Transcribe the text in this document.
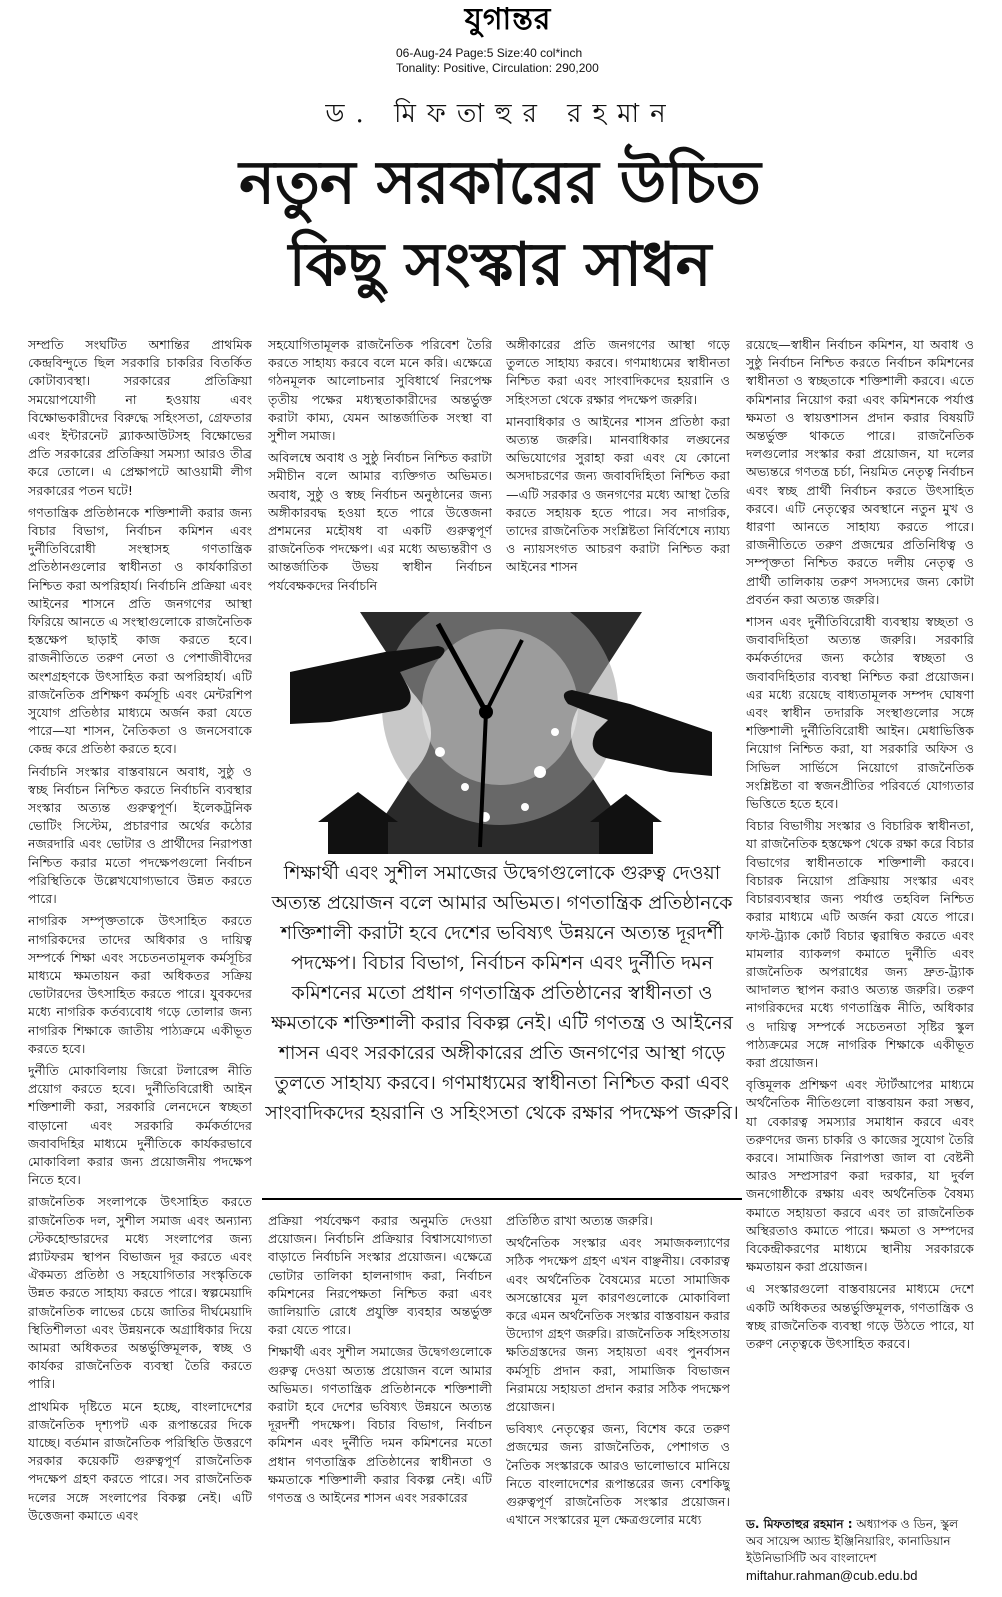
যুগান্তর
06-Aug-24 Page:5 Size:40 col*inch
Tonality: Positive, Circulation: 290,200
ড. মিফতাহুর রহমান
নতুন সরকারের উচিত
কিছু সংস্কার সাধন

সম্প্রতি সংঘটিত অশান্তির প্রাথমিক কেন্দ্রবিন্দুতে ছিল সরকারি চাকরির বিতর্কিত কোটাব্যবস্থা। সরকারের প্রতিক্রিয়া সময়োপযোগী না হওয়ায় এবং বিক্ষোভকারীদের বিরুদ্ধে সহিংসতা, গ্রেফতার এবং ইন্টারনেট ব্ল্যাকআউটসহ বিক্ষোভের প্রতি সরকারের প্রতিক্রিয়া সমস্যা আরও তীব্র করে তোলে। এ প্রেক্ষাপটে আওয়ামী লীগ সরকারের পতন ঘটে!

গণতান্ত্রিক প্রতিষ্ঠানকে শক্তিশালী করার জন্য বিচার বিভাগ, নির্বাচন কমিশন এবং দুর্নীতিবিরোধী সংস্থাসহ গণতান্ত্রিক প্রতিষ্ঠানগুলোর স্বাধীনতা ও কার্যকারিতা নিশ্চিত করা অপরিহার্য। নির্বাচনি প্রক্রিয়া এবং আইনের শাসনে প্রতি জনগণের আস্থা ফিরিয়ে আনতে এ সংস্থাগুলোকে রাজনৈতিক হস্তক্ষেপ ছাড়াই কাজ করতে হবে। রাজনীতিতে তরুণ নেতা ও পেশাজীবীদের অংশগ্রহণকে উৎসাহিত করা অপরিহার্য। এটি রাজনৈতিক প্রশিক্ষণ কর্মসূচি এবং মেন্টরশিপ সুযোগ প্রতিষ্ঠার মাধ্যমে অর্জন করা যেতে পারে—যা শাসন, নৈতিকতা ও জনসেবাকে কেন্দ্র করে প্রতিষ্ঠা করতে হবে।

নির্বাচনি সংস্কার বাস্তবায়নে অবাধ, সুষ্ঠু ও স্বচ্ছ নির্বাচন নিশ্চিত করতে নির্বাচনি ব্যবস্থার সংস্কার অত্যন্ত গুরুত্বপূর্ণ। ইলেকট্রনিক ভোটিং সিস্টেম, প্রচারণার অর্থের কঠোর নজরদারি এবং ভোটার ও প্রার্থীদের নিরাপত্তা নিশ্চিত করার মতো পদক্ষেপগুলো নির্বাচন পরিস্থিতিকে উল্লেখযোগ্যভাবে উন্নত করতে পারে।

নাগরিক সম্পৃক্ততাকে উৎসাহিত করতে নাগরিকদের তাদের অধিকার ও দায়িত্ব সম্পর্কে শিক্ষা এবং সচেতনতামূলক কর্মসূচির মাধ্যমে ক্ষমতায়ন করা অধিকতর সক্রিয় ভোটারদের উৎসাহিত করতে পারে। যুবকদের মধ্যে নাগরিক কর্তব্যবোধ গড়ে তোলার জন্য নাগরিক শিক্ষাকে জাতীয় পাঠ্যক্রমে একীভূত করতে হবে।

দুর্নীতি মোকাবিলায় জিরো টলারেন্স নীতি প্রয়োগ করতে হবে। দুর্নীতিবিরোধী আইন শক্তিশালী করা, সরকারি লেনদেনে স্বচ্ছতা বাড়ানো এবং সরকারি কর্মকর্তাদের জবাবদিহির মাধ্যমে দুর্নীতিকে কার্যকরভাবে মোকাবিলা করার জন্য প্রয়োজনীয় পদক্ষেপ নিতে হবে।

রাজনৈতিক সংলাপকে উৎসাহিত করতে রাজনৈতিক দল, সুশীল সমাজ এবং অন্যান্য স্টেকহোল্ডারদের মধ্যে সংলাপের জন্য প্ল্যাটফরম স্থাপন বিভাজন দূর করতে এবং ঐকমত্য প্রতিষ্ঠা ও সহযোগিতার সংস্কৃতিকে উন্নত করতে সাহায্য করতে পারে। স্বল্পমেয়াদি রাজনৈতিক লাভের চেয়ে জাতির দীর্ঘমেয়াদি স্থিতিশীলতা এবং উন্নয়নকে অগ্রাধিকার দিয়ে আমরা অধিকতর অন্তর্ভুক্তিমূলক, স্বচ্ছ ও কার্যকর রাজনৈতিক ব্যবস্থা তৈরি করতে পারি।

প্রাথমিক দৃষ্টিতে মনে হচ্ছে, বাংলাদেশের রাজনৈতিক দৃশ্যপট এক রূপান্তরের দিকে যাচ্ছে। বর্তমান রাজনৈতিক পরিস্থিতি উত্তরণে সরকার কয়েকটি গুরুত্বপূর্ণ রাজনৈতিক পদক্ষেপ গ্রহণ করতে পারে। সব রাজনৈতিক দলের সঙ্গে সংলাপের বিকল্প নেই। এটি উত্তেজনা কমাতে এবং

সহযোগিতামূলক রাজনৈতিক পরিবেশ তৈরি করতে সাহায্য করবে বলে মনে করি। এক্ষেত্রে গঠনমূলক আলোচনার সুবিধার্থে নিরপেক্ষ তৃতীয় পক্ষের মধ্যস্থতাকারীদের অন্তর্ভুক্ত করাটা কাম্য, যেমন আন্তর্জাতিক সংস্থা বা সুশীল সমাজ।

অবিলম্বে অবাধ ও সুষ্ঠু নির্বাচন নিশ্চিত করাটা সমীচীন বলে আমার ব্যক্তিগত অভিমত। অবাধ, সুষ্ঠু ও স্বচ্ছ নির্বাচন অনুষ্ঠানের জন্য অঙ্গীকারবদ্ধ হওয়া হতে পারে উত্তেজনা প্রশমনের মহৌষধ বা একটি গুরুত্বপূর্ণ রাজনৈতিক পদক্ষেপ। এর মধ্যে অভ্যন্তরীণ ও আন্তর্জাতিক উভয় স্বাধীন নির্বাচন পর্যবেক্ষকদের নির্বাচনি

অঙ্গীকারের প্রতি জনগণের আস্থা গড়ে তুলতে সাহায্য করবে। গণমাধ্যমের স্বাধীনতা নিশ্চিত করা এবং সাংবাদিকদের হয়রানি ও সহিংসতা থেকে রক্ষার পদক্ষেপ জরুরি।

মানবাধিকার ও আইনের শাসন প্রতিষ্ঠা করা অত্যন্ত জরুরি। মানবাধিকার লঙ্ঘনের অভিযোগের সুরাহা করা এবং যে কোনো অসদাচরণের জন্য জবাবদিহিতা নিশ্চিত করা—এটি সরকার ও জনগণের মধ্যে আস্থা তৈরি করতে সহায়ক হতে পারে। সব নাগরিক, তাদের রাজনৈতিক সংশ্লিষ্টতা নির্বিশেষে ন্যায্য ও ন্যায়সংগত আচরণ করাটা নিশ্চিত করা আইনের শাসন

রয়েছে—স্বাধীন নির্বাচন কমিশন, যা অবাধ ও সুষ্ঠু নির্বাচন নিশ্চিত করতে নির্বাচন কমিশনের স্বাধীনতা ও স্বচ্ছতাকে শক্তিশালী করবে। এতে কমিশনার নিয়োগ করা এবং কমিশনকে পর্যাপ্ত ক্ষমতা ও স্বায়ত্তশাসন প্রদান করার বিষয়টি অন্তর্ভুক্ত থাকতে পারে। রাজনৈতিক দলগুলোর সংস্কার করা প্রয়োজন, যা দলের অভ্যন্তরে গণতন্ত্র চর্চা, নিয়মিত নেতৃত্ব নির্বাচন এবং স্বচ্ছ প্রার্থী নির্বাচন করতে উৎসাহিত করবে। এটি নেতৃত্বের অবস্থানে নতুন মুখ ও ধারণা আনতে সাহায্য করতে পারে। রাজনীতিতে তরুণ প্রজন্মের প্রতিনিধিত্ব ও সম্পৃক্ততা নিশ্চিত করতে দলীয় নেতৃত্ব ও প্রার্থী তালিকায় তরুণ সদস্যদের জন্য কোটা প্রবর্তন করা অত্যন্ত জরুরি।

শাসন এবং দুর্নীতিবিরোধী ব্যবস্থায় স্বচ্ছতা ও জবাবদিহিতা অত্যন্ত জরুরি। সরকারি কর্মকর্তাদের জন্য কঠোর স্বচ্ছতা ও জবাবদিহিতার ব্যবস্থা নিশ্চিত করা প্রয়োজন। এর মধ্যে রয়েছে বাধ্যতামূলক সম্পদ ঘোষণা এবং স্বাধীন তদারকি সংস্থাগুলোর সঙ্গে শক্তিশালী দুর্নীতিবিরোধী আইন। মেধাভিত্তিক নিয়োগ নিশ্চিত করা, যা সরকারি অফিস ও সিভিল সার্ভিসে নিয়োগে রাজনৈতিক সংশ্লিষ্টতা বা স্বজনপ্রীতির পরিবর্তে যোগ্যতার ভিত্তিতে হতে হবে।

বিচার বিভাগীয় সংস্কার ও বিচারিক স্বাধীনতা, যা রাজনৈতিক হস্তক্ষেপ থেকে রক্ষা করে বিচার বিভাগের স্বাধীনতাকে শক্তিশালী করবে। বিচারক নিয়োগ প্রক্রিয়ায় সংস্কার এবং বিচারব্যবস্থার জন্য পর্যাপ্ত তহবিল নিশ্চিত করার মাধ্যমে এটি অর্জন করা যেতে পারে। ফাস্ট-ট্র্যাক কোর্ট বিচার ত্বরান্বিত করতে এবং মামলার ব্যাকলগ কমাতে দুর্নীতি এবং রাজনৈতিক অপরাধের জন্য দ্রুত-ট্র্যাক আদালত স্থাপন করাও অত্যন্ত জরুরি। তরুণ নাগরিকদের মধ্যে গণতান্ত্রিক নীতি, অধিকার ও দায়িত্ব সম্পর্কে সচেতনতা সৃষ্টির স্কুল পাঠ্যক্রমের সঙ্গে নাগরিক শিক্ষাকে একীভূত করা প্রয়োজন।

বৃত্তিমূলক প্রশিক্ষণ এবং স্টার্টআপের মাধ্যমে অর্থনৈতিক নীতিগুলো বাস্তবায়ন করা সম্ভব, যা বেকারত্ব সমস্যার সমাধান করবে এবং তরুণদের জন্য চাকরি ও কাজের সুযোগ তৈরি করবে। সামাজিক নিরাপত্তা জাল বা বেষ্টনী আরও সম্প্রসারণ করা দরকার, যা দুর্বল জনগোষ্ঠীকে রক্ষায় এবং অর্থনৈতিক বৈষম্য কমাতে সহায়তা করবে এবং তা রাজনৈতিক অস্থিরতাও কমাতে পারে। ক্ষমতা ও সম্পদের বিকেন্দ্রীকরণের মাধ্যমে স্থানীয় সরকারকে ক্ষমতায়ন করা প্রয়োজন।

এ সংস্কারগুলো বাস্তবায়নের মাধ্যমে দেশে একটি অধিকতর অন্তর্ভুক্তিমূলক, গণতান্ত্রিক ও স্বচ্ছ রাজনৈতিক ব্যবস্থা গড়ে উঠতে পারে, যা তরুণ নেতৃত্বকে উৎসাহিত করবে।

শিক্ষার্থী এবং সুশীল সমাজের উদ্বেগগুলোকে গুরুত্ব দেওয়া অত্যন্ত প্রয়োজন বলে আমার অভিমত। গণতান্ত্রিক প্রতিষ্ঠানকে শক্তিশালী করাটা হবে দেশের ভবিষ্যৎ উন্নয়নে অত্যন্ত দূরদর্শী পদক্ষেপ। বিচার বিভাগ, নির্বাচন কমিশন এবং দুর্নীতি দমন কমিশনের মতো প্রধান গণতান্ত্রিক প্রতিষ্ঠানের স্বাধীনতা ও ক্ষমতাকে শক্তিশালী করার বিকল্প নেই। এটি গণতন্ত্র ও আইনের শাসন এবং সরকারের অঙ্গীকারের প্রতি জনগণের আস্থা গড়ে তুলতে সাহায্য করবে। গণমাধ্যমের স্বাধীনতা নিশ্চিত করা এবং সাংবাদিকদের হয়রানি ও সহিংসতা থেকে রক্ষার পদক্ষেপ জরুরি।

প্রক্রিয়া পর্যবেক্ষণ করার অনুমতি দেওয়া প্রয়োজন। নির্বাচনি প্রক্রিয়ার বিশ্বাসযোগ্যতা বাড়াতে নির্বাচনি সংস্কার প্রয়োজন। এক্ষেত্রে ভোটার তালিকা হালনাগাদ করা, নির্বাচন কমিশনের নিরপেক্ষতা নিশ্চিত করা এবং জালিয়াতি রোধে প্রযুক্তি ব্যবহার অন্তর্ভুক্ত করা যেতে পারে।

শিক্ষার্থী এবং সুশীল সমাজের উদ্বেগগুলোকে গুরুত্ব দেওয়া অত্যন্ত প্রয়োজন বলে আমার অভিমত। গণতান্ত্রিক প্রতিষ্ঠানকে শক্তিশালী করাটা হবে দেশের ভবিষ্যৎ উন্নয়নে অত্যন্ত দূরদর্শী পদক্ষেপ। বিচার বিভাগ, নির্বাচন কমিশন এবং দুর্নীতি দমন কমিশনের মতো প্রধান গণতান্ত্রিক প্রতিষ্ঠানের স্বাধীনতা ও ক্ষমতাকে শক্তিশালী করার বিকল্প নেই। এটি গণতন্ত্র ও আইনের শাসন এবং সরকারের

প্রতিষ্ঠিত রাখা অত্যন্ত জরুরি।

অর্থনৈতিক সংস্কার এবং সমাজকল্যাণের সঠিক পদক্ষেপ গ্রহণ এখন বাঞ্ছনীয়। বেকারত্ব এবং অর্থনৈতিক বৈষম্যের মতো সামাজিক অসন্তোষের মূল কারণগুলোকে মোকাবিলা করে এমন অর্থনৈতিক সংস্কার বাস্তবায়ন করার উদ্যোগ গ্রহণ জরুরি। রাজনৈতিক সহিংসতায় ক্ষতিগ্রস্তদের জন্য সহায়তা এবং পুনর্বাসন কর্মসূচি প্রদান করা, সামাজিক বিভাজন নিরাময়ে সহায়তা প্রদান করার সঠিক পদক্ষেপ প্রয়োজন।

ভবিষ্যৎ নেতৃত্বের জন্য, বিশেষ করে তরুণ প্রজন্মের জন্য রাজনৈতিক, পেশাগত ও নৈতিক সংস্কারকে আরও ভালোভাবে মানিয়ে নিতে বাংলাদেশের রূপান্তরের জন্য বেশকিছু গুরুত্বপূর্ণ রাজনৈতিক সংস্কার প্রয়োজন। এখানে সংস্কারের মূল ক্ষেত্রগুলোর মধ্যে	ড. মিফতাহুর রহমান : অধ্যাপক ও ডিন, স্কুল অব সায়েন্স অ্যান্ড ইঞ্জিনিয়ারিং, কানাডিয়ান ইউনিভার্সিটি অব বাংলাদেশ
miftahur.rahman@cub.edu.bd
